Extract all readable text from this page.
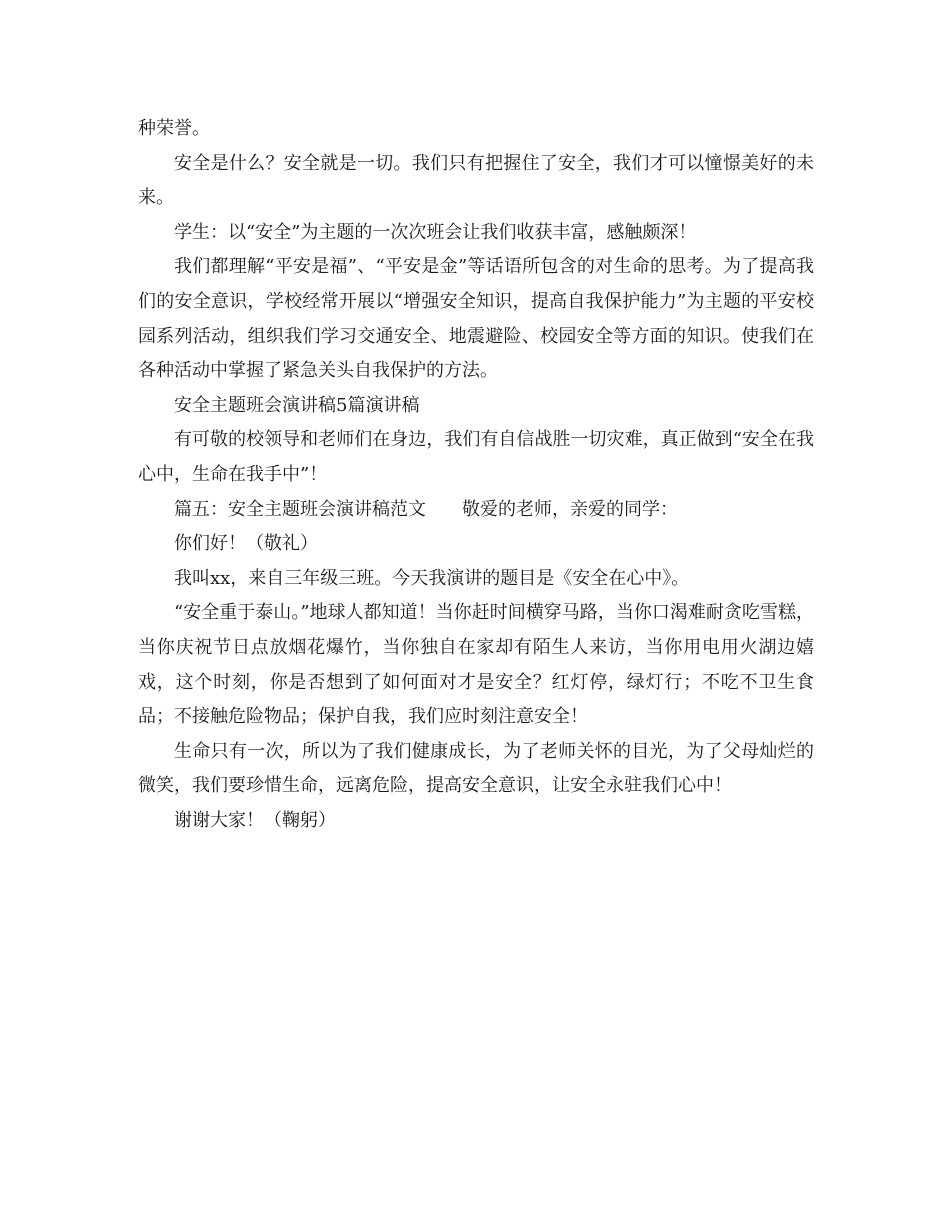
种荣誉。

安全是什么？安全就是一切。我们只有把握住了安全，我们才可以憧憬美好的未来。

学生：以“安全”为主题的一次次班会让我们收获丰富，感触颇深！

我们都理解“平安是福”、“平安是金”等话语所包含的对生命的思考。为了提高我们的安全意识，学校经常开展以“增强安全知识，提高自我保护能力”为主题的平安校园系列活动，组织我们学习交通安全、地震避险、校园安全等方面的知识。使我们在各种活动中掌握了紧急关头自我保护的方法。

安全主题班会演讲稿5篇演讲稿

有可敬的校领导和老师们在身边，我们有自信战胜一切灾难，真正做到“安全在我心中，生命在我手中”！

篇五：安全主题班会演讲稿范文　　敬爱的老师，亲爱的同学：

你们好！（敬礼）

我叫xx，来自三年级三班。今天我演讲的题目是《安全在心中》。

“安全重于泰山。”地球人都知道！当你赶时间横穿马路，当你口渴难耐贪吃雪糕，当你庆祝节日点放烟花爆竹，当你独自在家却有陌生人来访，当你用电用火湖边嬉戏，这个时刻，你是否想到了如何面对才是安全？红灯停，绿灯行；不吃不卫生食品；不接触危险物品；保护自我，我们应时刻注意安全！

生命只有一次，所以为了我们健康成长，为了老师关怀的目光，为了父母灿烂的微笑，我们要珍惜生命，远离危险，提高安全意识，让安全永驻我们心中！

谢谢大家！（鞠躬）
